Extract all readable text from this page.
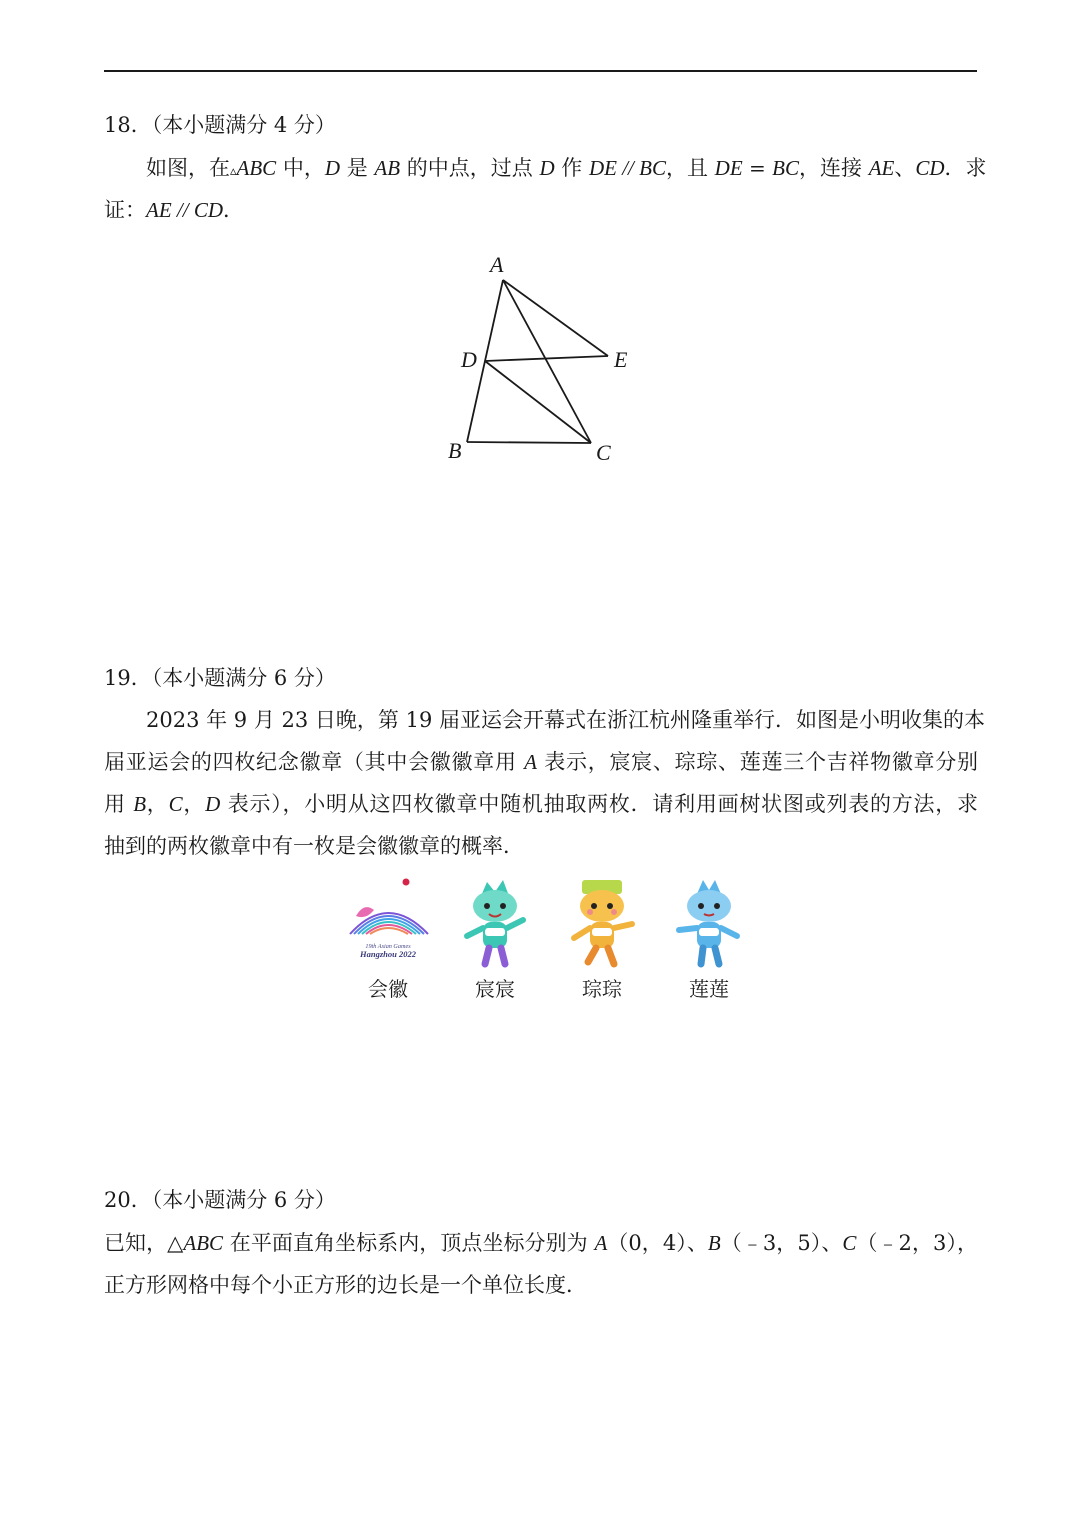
18．（本小题满分 4 分）
如图，在▵ABC 中，D 是 AB 的中点，过点 D 作 DE // BC，且 DE = BC，连接 AE、CD．求
证：AE // CD．
A
D	E
B	C
19．（本小题满分 6 分）
2023 年 9 月 23 日晚，第 19 届亚运会开幕式在浙江杭州隆重举行．如图是小明收集的本
届亚运会的四枚纪念徽章（其中会徽徽章用 A 表示，宸宸、琮琮、莲莲三个吉祥物徽章分别
用 B，C，D 表示），小明从这四枚徽章中随机抽取两枚．请利用画树状图或列表的方法，求
抽到的两枚徽章中有一枚是会徽徽章的概率．
19th Asian Games
Hangzhou 2022
会徽	宸宸	琮琮	莲莲
20．（本小题满分 6 分）
已知，△ABC 在平面直角坐标系内，顶点坐标分别为 A（0，4）、B（﹣3，5）、C（﹣2，3），
正方形网格中每个小正方形的边长是一个单位长度．
